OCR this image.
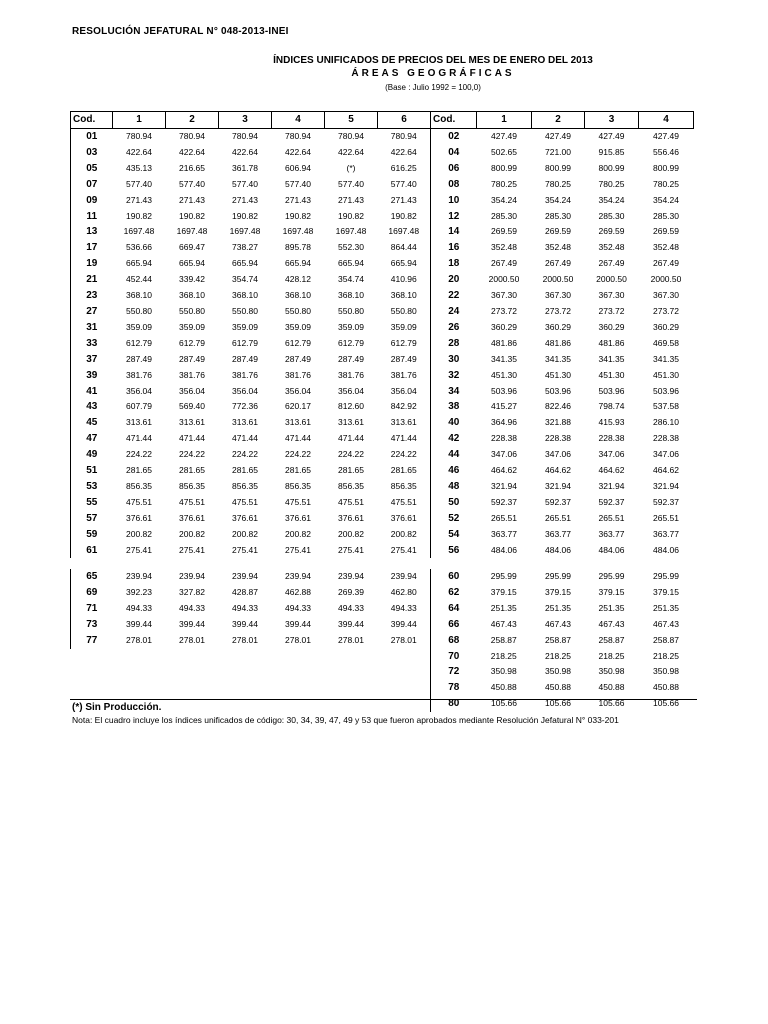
RESOLUCIÓN JEFATURAL N° 048-2013-INEI
ÍNDICES UNIFICADOS DE PRECIOS DEL MES DE ENERO DEL 2013
ÁREAS GEOGRÁFICAS
(Base : Julio 1992 = 100,0)
Cod.	1	2	3	4	5	6	Cod.	1	2	3	4
01	780.94	780.94	780.94	780.94	780.94	780.94	02	427.49	427.49	427.49	427.49
03	422.64	422.64	422.64	422.64	422.64	422.64	04	502.65	721.00	915.85	556.46
05	435.13	216.65	361.78	606.94	(*)	616.25	06	800.99	800.99	800.99	800.99
07	577.40	577.40	577.40	577.40	577.40	577.40	08	780.25	780.25	780.25	780.25
09	271.43	271.43	271.43	271.43	271.43	271.43	10	354.24	354.24	354.24	354.24
11	190.82	190.82	190.82	190.82	190.82	190.82	12	285.30	285.30	285.30	285.30
13	1697.48	1697.48	1697.48	1697.48	1697.48	1697.48	14	269.59	269.59	269.59	269.59
17	536.66	669.47	738.27	895.78	552.30	864.44	16	352.48	352.48	352.48	352.48
19	665.94	665.94	665.94	665.94	665.94	665.94	18	267.49	267.49	267.49	267.49
21	452.44	339.42	354.74	428.12	354.74	410.96	20	2000.50	2000.50	2000.50	2000.50
23	368.10	368.10	368.10	368.10	368.10	368.10	22	367.30	367.30	367.30	367.30
27	550.80	550.80	550.80	550.80	550.80	550.80	24	273.72	273.72	273.72	273.72
31	359.09	359.09	359.09	359.09	359.09	359.09	26	360.29	360.29	360.29	360.29
33	612.79	612.79	612.79	612.79	612.79	612.79	28	481.86	481.86	481.86	469.58
37	287.49	287.49	287.49	287.49	287.49	287.49	30	341.35	341.35	341.35	341.35
39	381.76	381.76	381.76	381.76	381.76	381.76	32	451.30	451.30	451.30	451.30
41	356.04	356.04	356.04	356.04	356.04	356.04	34	503.96	503.96	503.96	503.96
43	607.79	569.40	772.36	620.17	812.60	842.92	38	415.27	822.46	798.74	537.58
45	313.61	313.61	313.61	313.61	313.61	313.61	40	364.96	321.88	415.93	286.10
47	471.44	471.44	471.44	471.44	471.44	471.44	42	228.38	228.38	228.38	228.38
49	224.22	224.22	224.22	224.22	224.22	224.22	44	347.06	347.06	347.06	347.06
51	281.65	281.65	281.65	281.65	281.65	281.65	46	464.62	464.62	464.62	464.62
53	856.35	856.35	856.35	856.35	856.35	856.35	48	321.94	321.94	321.94	321.94
55	475.51	475.51	475.51	475.51	475.51	475.51	50	592.37	592.37	592.37	592.37
57	376.61	376.61	376.61	376.61	376.61	376.61	52	265.51	265.51	265.51	265.51
59	200.82	200.82	200.82	200.82	200.82	200.82	54	363.77	363.77	363.77	363.77
61	275.41	275.41	275.41	275.41	275.41	275.41	56	484.06	484.06	484.06	484.06
65	239.94	239.94	239.94	239.94	239.94	239.94	60	295.99	295.99	295.99	295.99
69	392.23	327.82	428.87	462.88	269.39	462.80	62	379.15	379.15	379.15	379.15
71	494.33	494.33	494.33	494.33	494.33	494.33	64	251.35	251.35	251.35	251.35
73	399.44	399.44	399.44	399.44	399.44	399.44	66	467.43	467.43	467.43	467.43
77	278.01	278.01	278.01	278.01	278.01	278.01	68	258.87	258.87	258.87	258.87
							70	218.25	218.25	218.25	218.25
							72	350.98	350.98	350.98	350.98
							78	450.88	450.88	450.88	450.88
							80	105.66	105.66	105.66	105.66
(*) Sin Producción.
Nota: El cuadro incluye los índices unificados de código: 30, 34, 39, 47, 49 y 53 que fueron aprobados mediante Resolución Jefatural N° 033-201
